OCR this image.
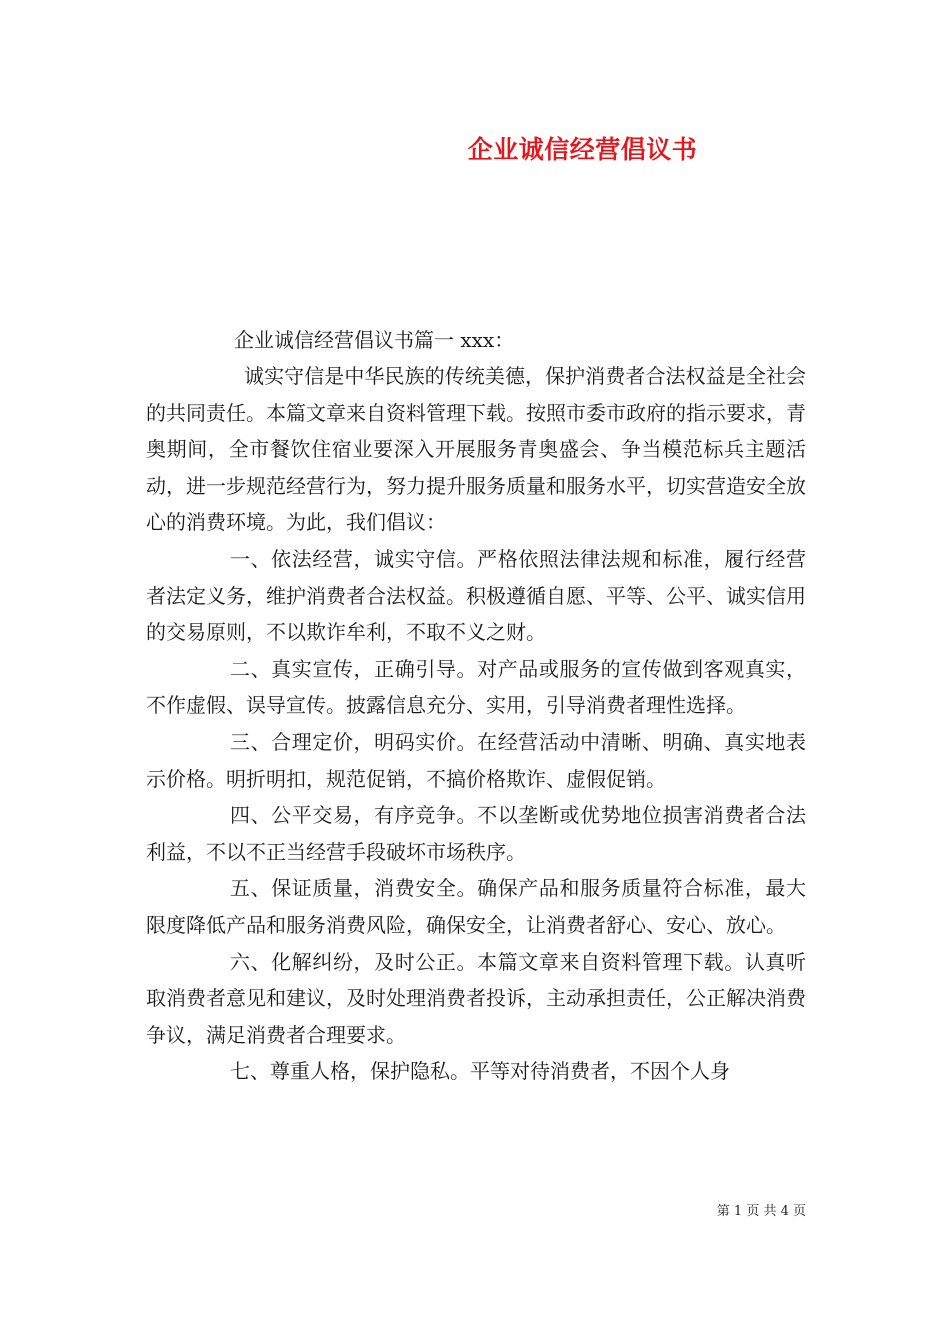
企业诚信经营倡议书
企业诚信经营倡议书篇一 xxx：

诚实守信是中华民族的传统美德，保护消费者合法权益是全社会的共同责任。本篇文章来自资料管理下载。按照市委市政府的指示要求，青奥期间，全市餐饮住宿业要深入开展服务青奥盛会、争当模范标兵主题活动，进一步规范经营行为，努力提升服务质量和服务水平，切实营造安全放心的消费环境。为此，我们倡议：

一、依法经营，诚实守信。严格依照法律法规和标准，履行经营者法定义务，维护消费者合法权益。积极遵循自愿、平等、公平、诚实信用的交易原则，不以欺诈牟利，不取不义之财。

二、真实宣传，正确引导。对产品或服务的宣传做到客观真实，不作虚假、误导宣传。披露信息充分、实用，引导消费者理性选择。

三、合理定价，明码实价。在经营活动中清晰、明确、真实地表示价格。明折明扣，规范促销，不搞价格欺诈、虚假促销。

四、公平交易，有序竞争。不以垄断或优势地位损害消费者合法利益，不以不正当经营手段破坏市场秩序。

五、保证质量，消费安全。确保产品和服务质量符合标准，最大限度降低产品和服务消费风险，确保安全，让消费者舒心、安心、放心。

六、化解纠纷，及时公正。本篇文章来自资料管理下载。认真听取消费者意见和建议，及时处理消费者投诉，主动承担责任，公正解决消费争议，满足消费者合理要求。

七、尊重人格，保护隐私。平等对待消费者，不因个人身

第 1 页 共 4 页
